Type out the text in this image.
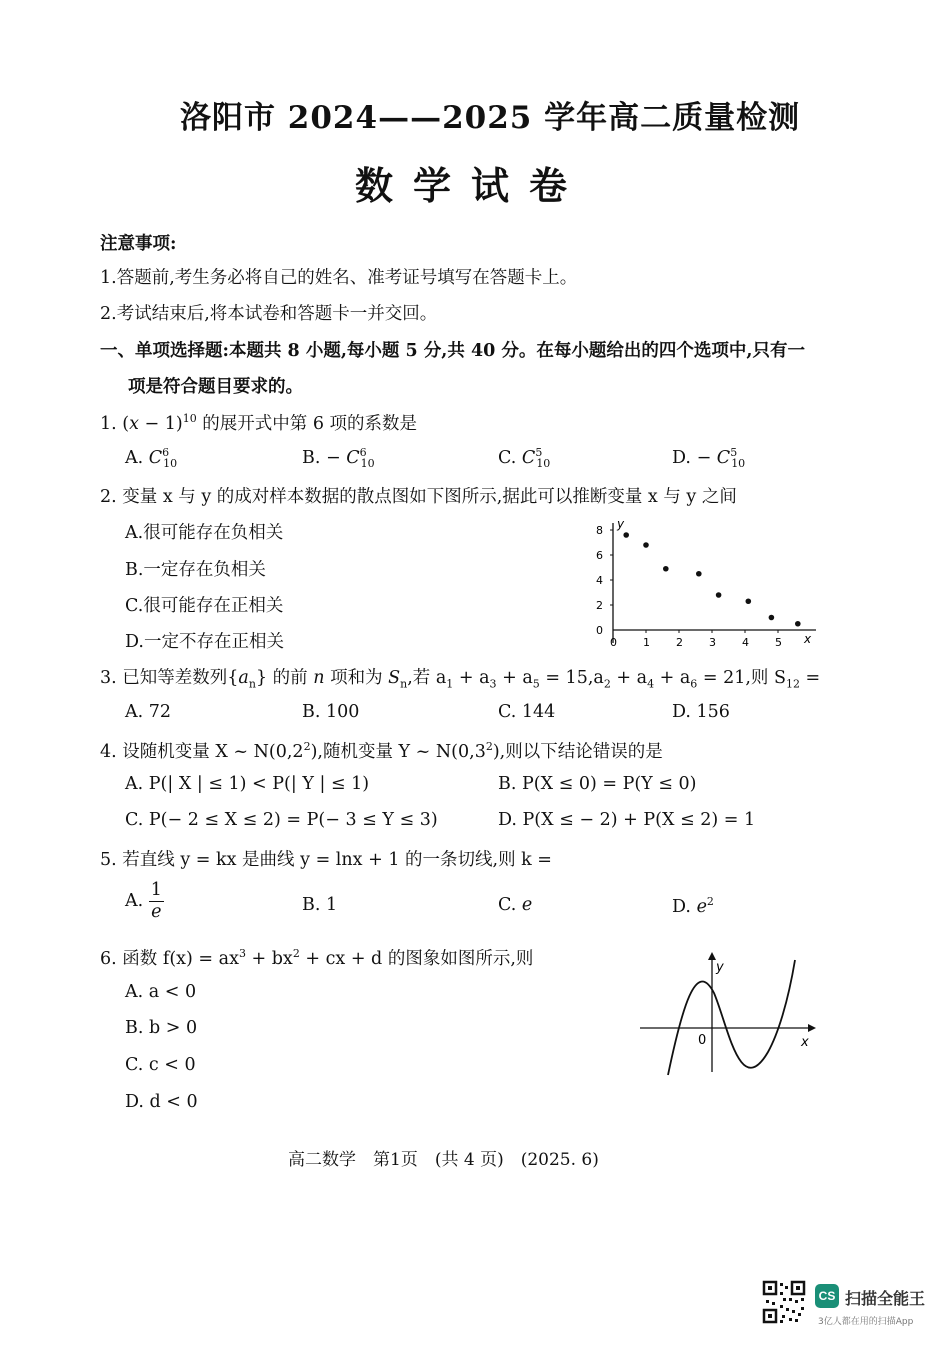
洛阳市 2024——2025 学年高二质量检测
数学试卷
注意事项:
1.答题前,考生务必将自己的姓名、准考证号填写在答题卡上。
2.考试结束后,将本试卷和答题卡一并交回。
一、单项选择题:本题共 8 小题,每小题 5 分,共 40 分。在每小题给出的四个选项中,只有一
项是符合题目要求的。
1. $(x - 1)^{10}$ 的展开式中第 6 项的系数是
A. $C^6_{10}$	B. − $C^6_{10}$	C. $C^5_{10}$	D. − $C^5_{10}$
2. 变量 x 与 y 的成对样本数据的散点图如下图所示,据此可以推断变量 x 与 y 之间
A.很可能存在负相关
B.一定存在负相关
C.很可能存在正相关
D.一定不存在正相关
0
2
4
6
8
0 1 2 3 4 5
y
x
3. 已知等差数列$\{a_n\}$ 的前 n 项和为 $S_n$,若 $a_1 + a_3 + a_5 = 15,a_2 + a_4 + a_6 = 21$,则 $S_{12}$ =
A. 72	B. 100	C. 144	D. 156
4. 设随机变量 X ~ $N(0,2^2)$,随机变量 Y ~ $N(0,3^2)$,则以下结论错误的是
A. P(| X | ≤ 1) < P(| Y | ≤ 1)	B. P(X ≤ 0) = P(Y ≤ 0)
C. P(− 2 ≤ X ≤ 2) = P(− 3 ≤ Y ≤ 3)	D. P(X ≤ − 2) + P(X ≤ 2) = 1
5. 若直线 y = kx 是曲线 y = lnx + 1 的一条切线,则 k =
A. $\frac{1}{e}$	B. 1	C. e	D. $e^2$
6. 函数 $f(x) = ax^3 + bx^2$ + cx + d 的图象如图所示,则
A. a < 0
B. b > 0
C. c < 0
D. d < 0
y
x
0
高二数学　第1页　(共 4 页)　(2025. 6)
CS 扫描全能王
3亿人都在用的扫描App
